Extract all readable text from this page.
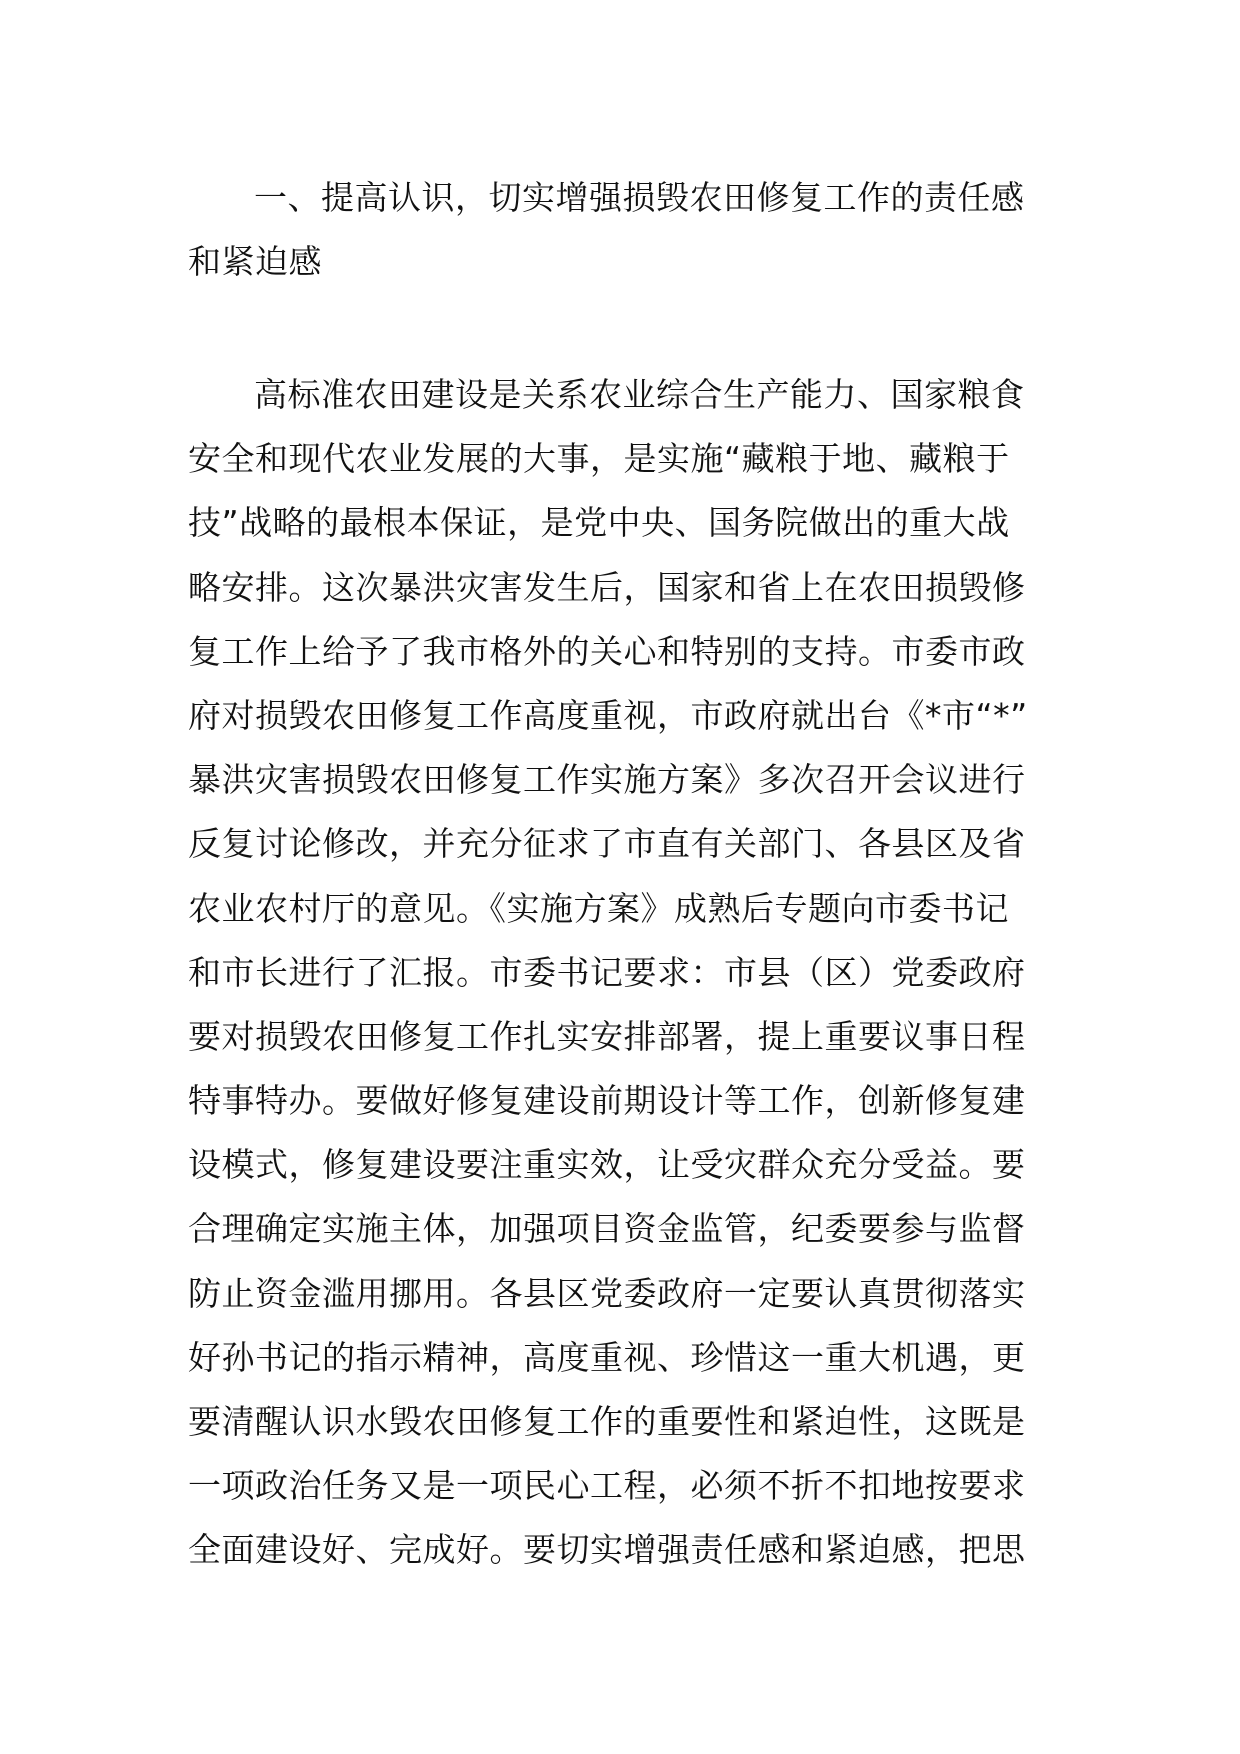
一、提高认识，切实增强损毁农田修复工作的责任感
和紧迫感
高标准农田建设是关系农业综合生产能力、国家粮食
安全和现代农业发展的大事，是实施“藏粮于地、藏粮于
技”战略的最根本保证，是党中央、国务院做出的重大战
略安排。这次暴洪灾害发生后，国家和省上在农田损毁修
复工作上给予了我市格外的关心和特别的支持。市委市政
府对损毁农田修复工作高度重视，市政府就出台《*市“*”
暴洪灾害损毁农田修复工作实施方案》多次召开会议进行
反复讨论修改，并充分征求了市直有关部门、各县区及省
农业农村厅的意见。《实施方案》成熟后专题向市委书记
和市长进行了汇报。市委书记要求：市县（区）党委政府
要对损毁农田修复工作扎实安排部署，提上重要议事日程
特事特办。要做好修复建设前期设计等工作，创新修复建
设模式，修复建设要注重实效，让受灾群众充分受益。要
合理确定实施主体，加强项目资金监管，纪委要参与监督
防止资金滥用挪用。各县区党委政府一定要认真贯彻落实
好孙书记的指示精神，高度重视、珍惜这一重大机遇，更
要清醒认识水毁农田修复工作的重要性和紧迫性，这既是
一项政治任务又是一项民心工程，必须不折不扣地按要求
全面建设好、完成好。要切实增强责任感和紧迫感，把思
